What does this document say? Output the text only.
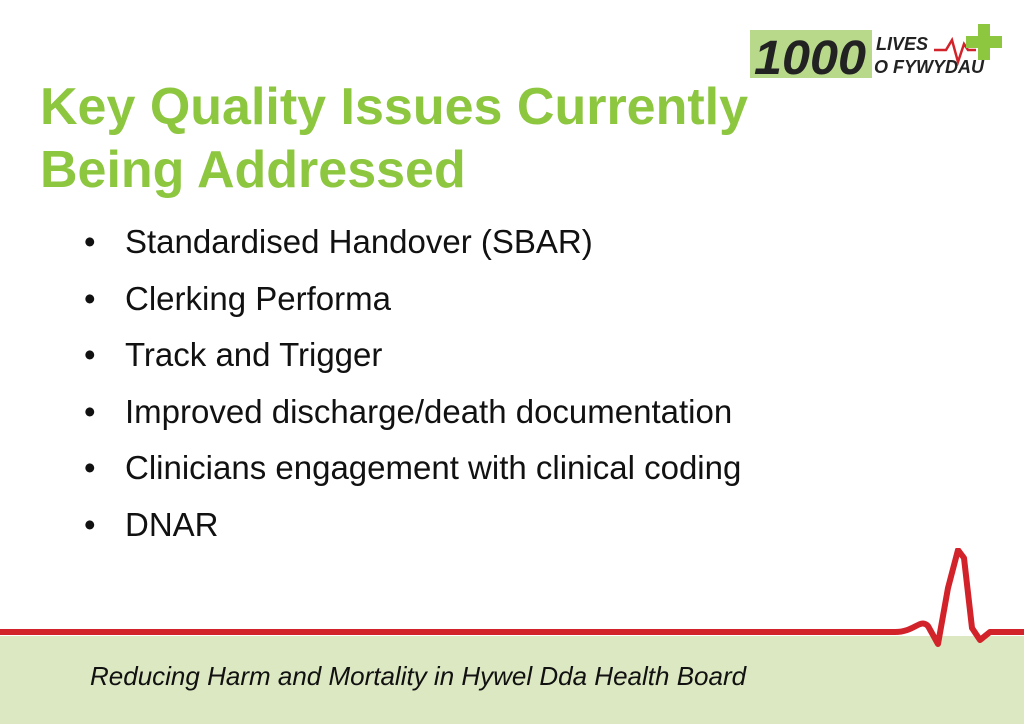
1000 LIVES
O FYWYDAU
Key Quality Issues Currently
Being Addressed
• Standardised Handover (SBAR)
• Clerking Performa
• Track and Trigger
• Improved discharge/death documentation
• Clinicians engagement with clinical coding
• DNAR
Reducing Harm and Mortality in Hywel Dda Health Board
